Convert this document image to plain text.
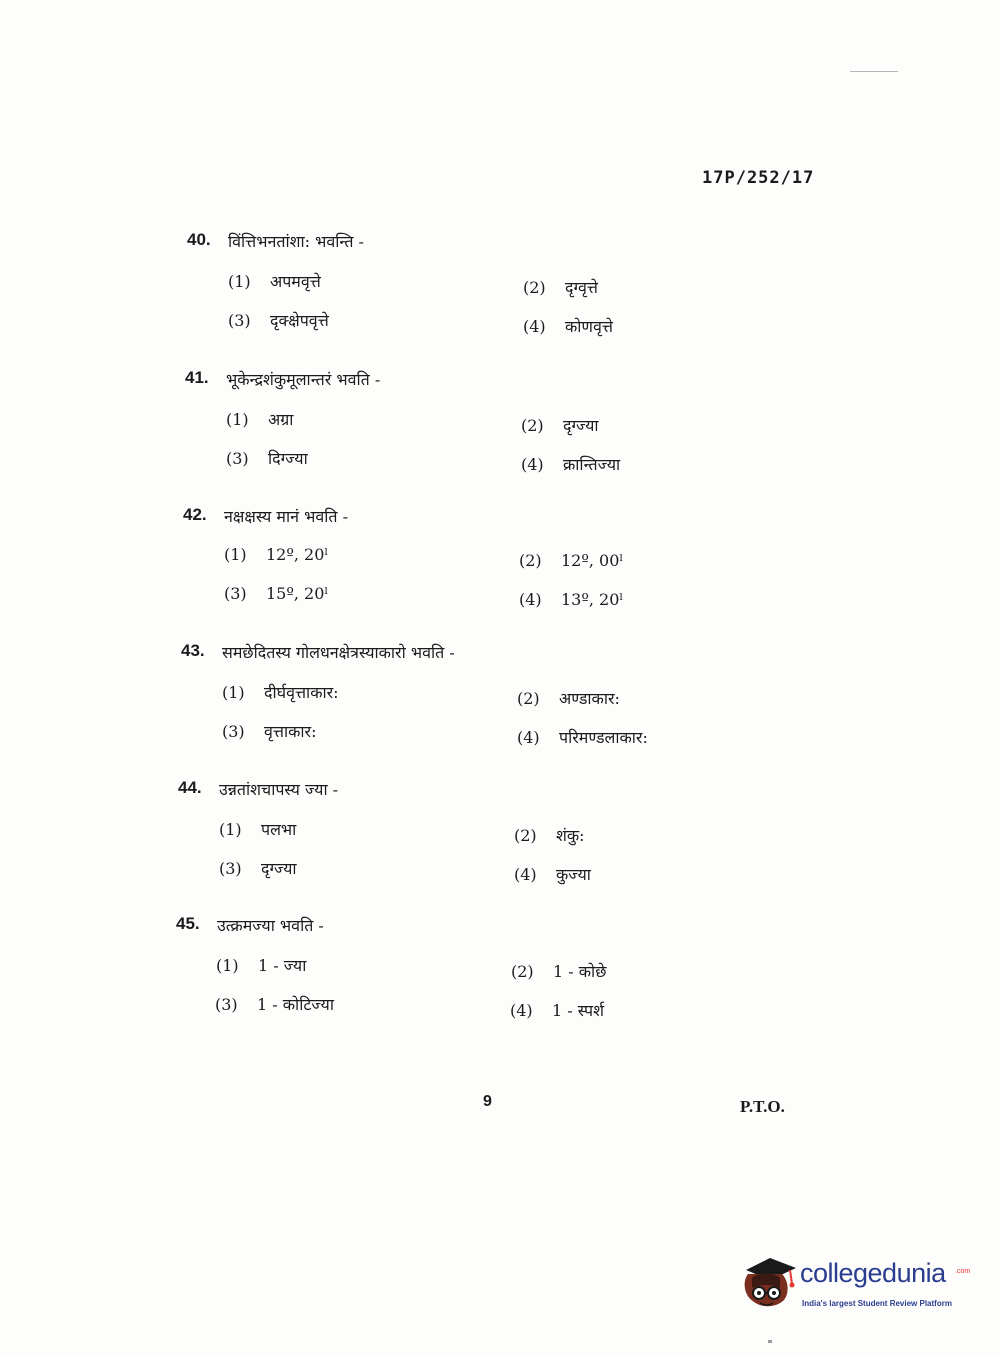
17P/252/17
40. विंत्तिभनतांशा: भवन्ति -
(1) अपमवृत्ते	(2) दृग्वृत्ते
(3) दृक्क्षेपवृत्ते	(4) कोणवृत्ते
41. भूकेन्द्रशंकुमूलान्तरं भवति -
(1) अग्रा	(2) दृग्ज्या
(3) दिग्ज्या	(4) क्रान्तिज्या
42. नक्षक्षस्य मानं भवति -
(1) 12º, 20ˡ	(2) 12º, 00ˡ
(3) 15º, 20ˡ	(4) 13º, 20ˡ
43. समछेदितस्य गोलधनक्षेत्रस्याकारो भवति -
(1) दीर्घवृत्ताकार:	(2) अण्डाकार:
(3) वृत्ताकार:	(4) परिमण्डलाकार:
44. उन्नतांशचापस्य ज्या -
(1) पलभा	(2) शंकु:
(3) दृग्ज्या	(4) कुज्या
45. उत्क्रमज्या भवति -
(1) 1 - ज्या	(2) 1 - कोछे
(3) 1 - कोटिज्या	(4) 1 - स्पर्श
9	P.T.O.
collegedunia .com
India's largest Student Review Platform
